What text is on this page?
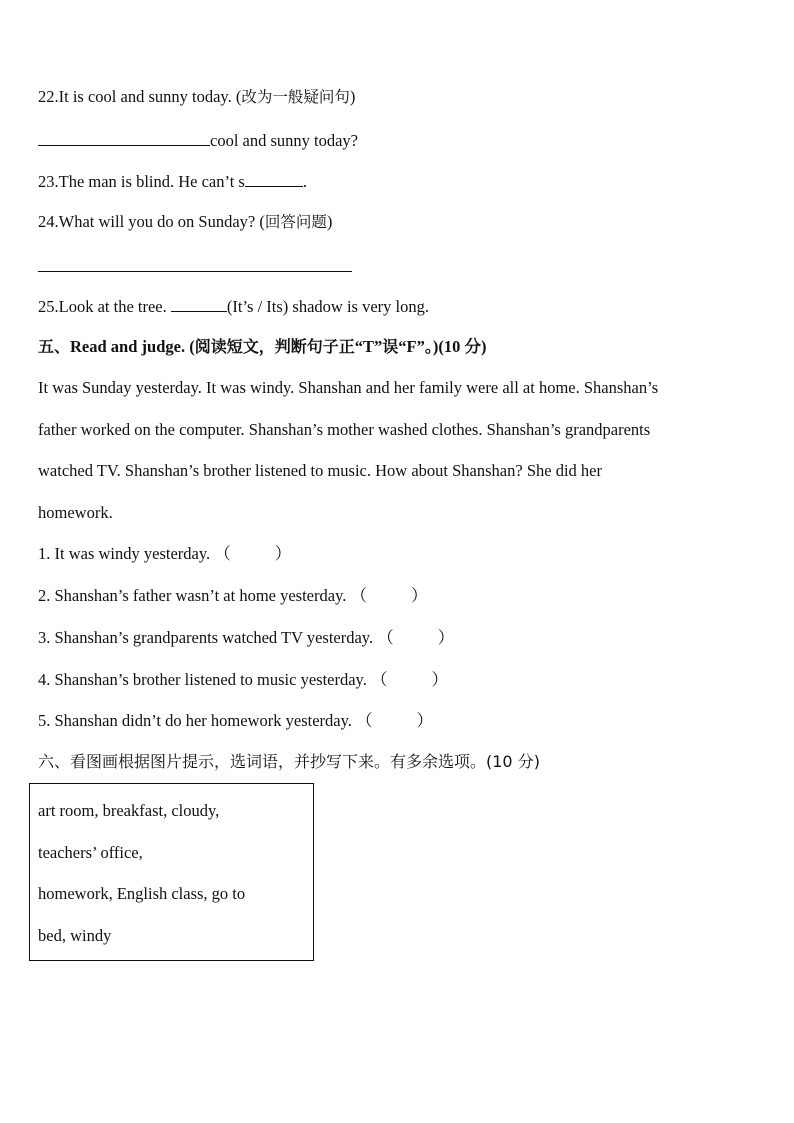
22.It is cool and sunny today. (改为一般疑问句)
cool and sunny today?
23.The man is blind. He can’t s	.
24.What will you do on Sunday? (回答问题)
25.Look at the tree.	(It’s / Its) shadow is very long.
五、Read and judge. (阅读短文，判断句子正“T”误“F”。)(10 分)
It was Sunday yesterday. It was windy. Shanshan and her family were all at home. Shanshan’s
father worked on the computer. Shanshan’s mother washed clothes. Shanshan’s grandparents
watched TV. Shanshan’s brother listened to music. How about Shanshan? She did her
homework.
1. It was windy yesterday. （	）
2. Shanshan’s father wasn’t at home yesterday. （	）
3. Shanshan’s grandparents watched TV yesterday. （	）
4. Shanshan’s brother listened to music yesterday. （	）
5. Shanshan didn’t do her homework yesterday. （	）
六、看图画根据图片提示，选词语，并抄写下来。有多余选项。(10 分)
art room, breakfast, cloudy,
teachers’ office,
homework, English class, go to
bed, windy
